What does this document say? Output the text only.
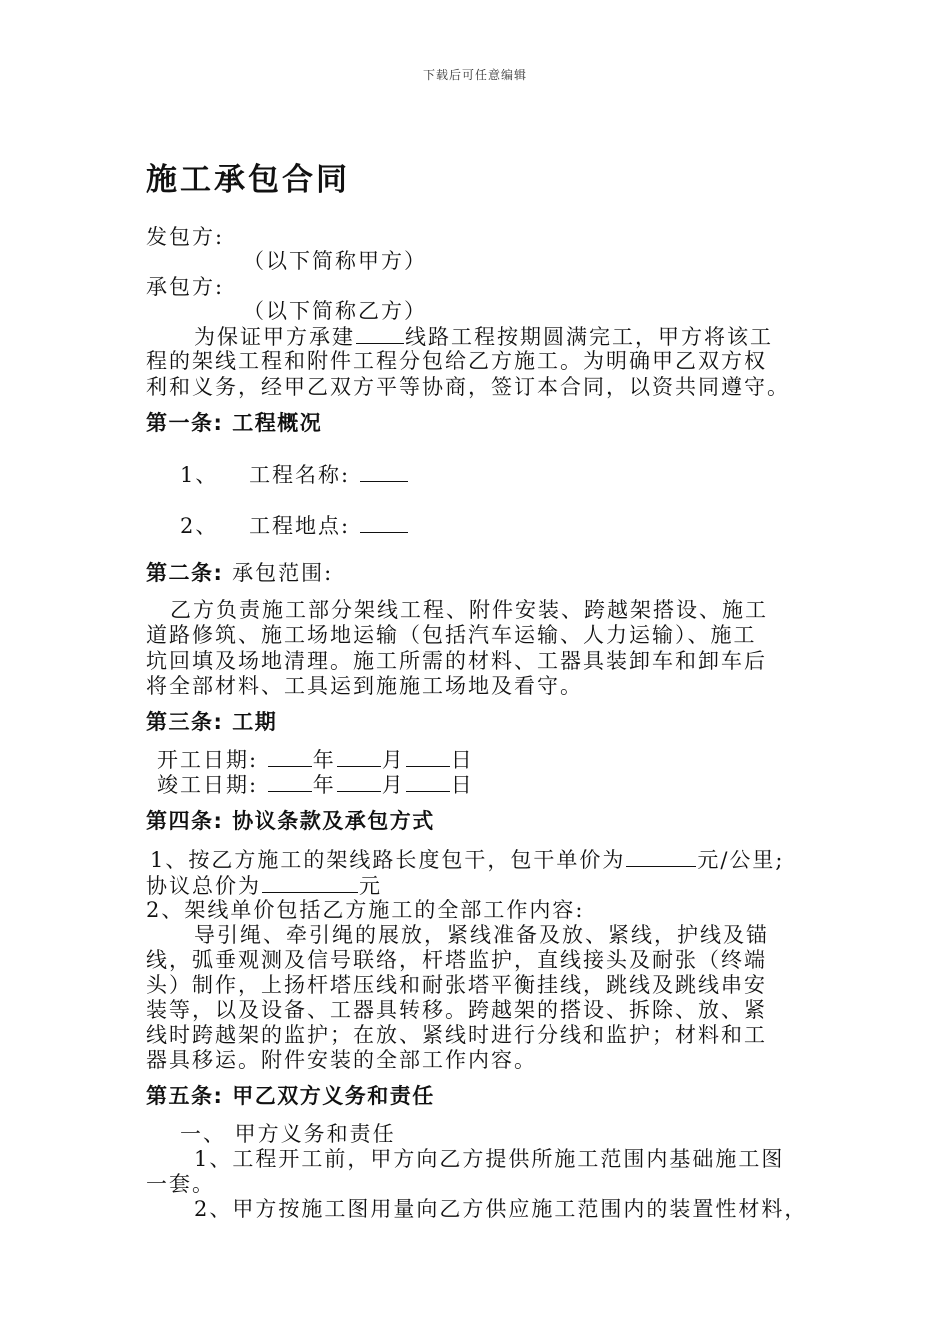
下载后可任意编辑
施工承包合同
发包方:
（以下简称甲方）
承包方:
（以下简称乙方）
为保证甲方承建 线路工程按期圆满完工，甲方将该工
程的架线工程和附件工程分包给乙方施工。为明确甲乙双方权
利和义务，经甲乙双方平等协商，签订本合同，以资共同遵守。
第一条: 工程概况
1、 工程名称:
2、 工程地点:
第二条: 承包范围:
乙方负责施工部分架线工程、附件安装、跨越架搭设、施工
道路修筑、施工场地运输（包括汽车运输、人力运输）、施工
坑回填及场地清理。施工所需的材料、工器具装卸车和卸车后
将全部材料、工具运到施施工场地及看守。
第三条: 工期
开工日期:	年 月 日
竣工日期:	年 月 日
第四条: 协议条款及承包方式
1、按乙方施工的架线路长度包干，包干单价为	元/公里;
协议总价为	元
2、架线单价包括乙方施工的全部工作内容:
导引绳、牵引绳的展放，紧线准备及放、紧线，护线及锚
线，弧垂观测及信号联络，杆塔监护，直线接头及耐张（终端
头）制作，上扬杆塔压线和耐张塔平衡挂线，跳线及跳线串安
装等，以及设备、工器具转移。跨越架的搭设、拆除、放、紧
线时跨越架的监护；在放、紧线时进行分线和监护；材料和工
器具移运。附件安装的全部工作内容。
第五条: 甲乙双方义务和责任
一、 甲方义务和责任
1、工程开工前，甲方向乙方提供所施工范围内基础施工图
一套。
2、甲方按施工图用量向乙方供应施工范围内的装置性材料，
